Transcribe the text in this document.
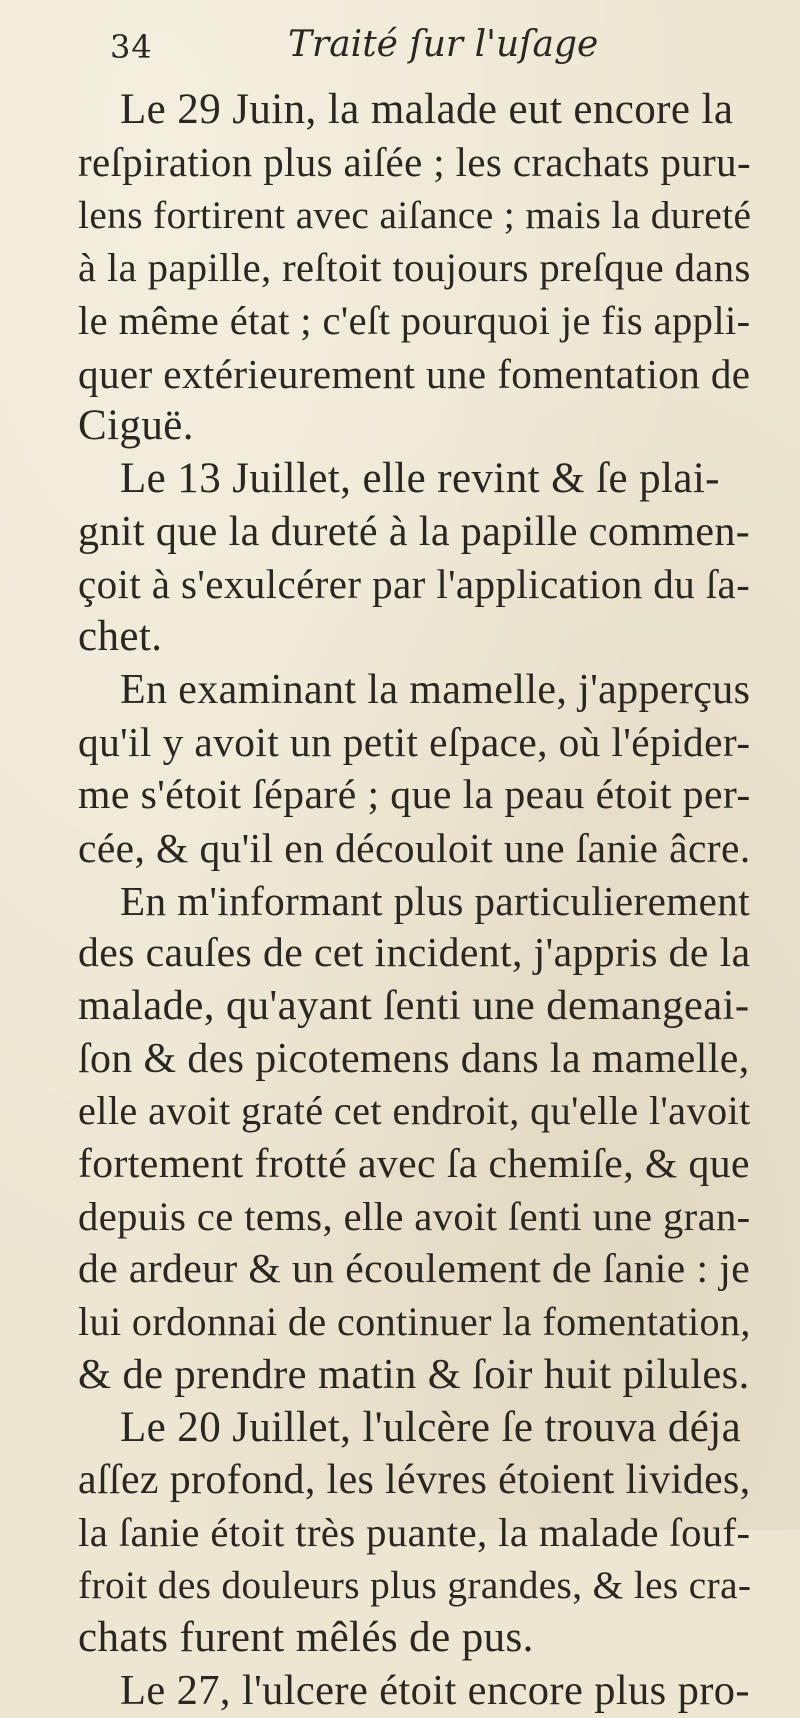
34	Traité ſur l'uſage
Le 29 Juin, la malade eut encore la
reſpiration plus aiſée ; les crachats puru-
lens fortirent avec aiſance ; mais la dureté
à la papille, reſtoit toujours preſque dans
le même état ; c'eſt pourquoi je fis appli-
quer extérieurement une fomentation de
Ciguë.
Le 13 Juillet, elle revint & ſe plai-
gnit que la dureté à la papille commen-
çoit à s'exulcérer par l'application du ſa-
chet.
En examinant la mamelle, j'apperçus
qu'il y avoit un petit eſpace, où l'épider-
me s'étoit ſéparé ; que la peau étoit per-
cée, & qu'il en découloit une ſanie âcre.
En m'informant plus particulierement
des cauſes de cet incident, j'appris de la
malade, qu'ayant ſenti une demangeai-
ſon & des picotemens dans la mamelle,
elle avoit graté cet endroit, qu'elle l'avoit
fortement frotté avec ſa chemiſe, & que
depuis ce tems, elle avoit ſenti une gran-
de ardeur & un écoulement de ſanie : je
lui ordonnai de continuer la fomentation,
& de prendre matin & ſoir huit pilules.
Le 20 Juillet, l'ulcère ſe trouva déja
aſſez profond, les lévres étoient livides,
la ſanie étoit très puante, la malade ſouf-
froit des douleurs plus grandes, & les cra-
chats furent mêlés de pus.
Le 27, l'ulcere étoit encore plus pro-
